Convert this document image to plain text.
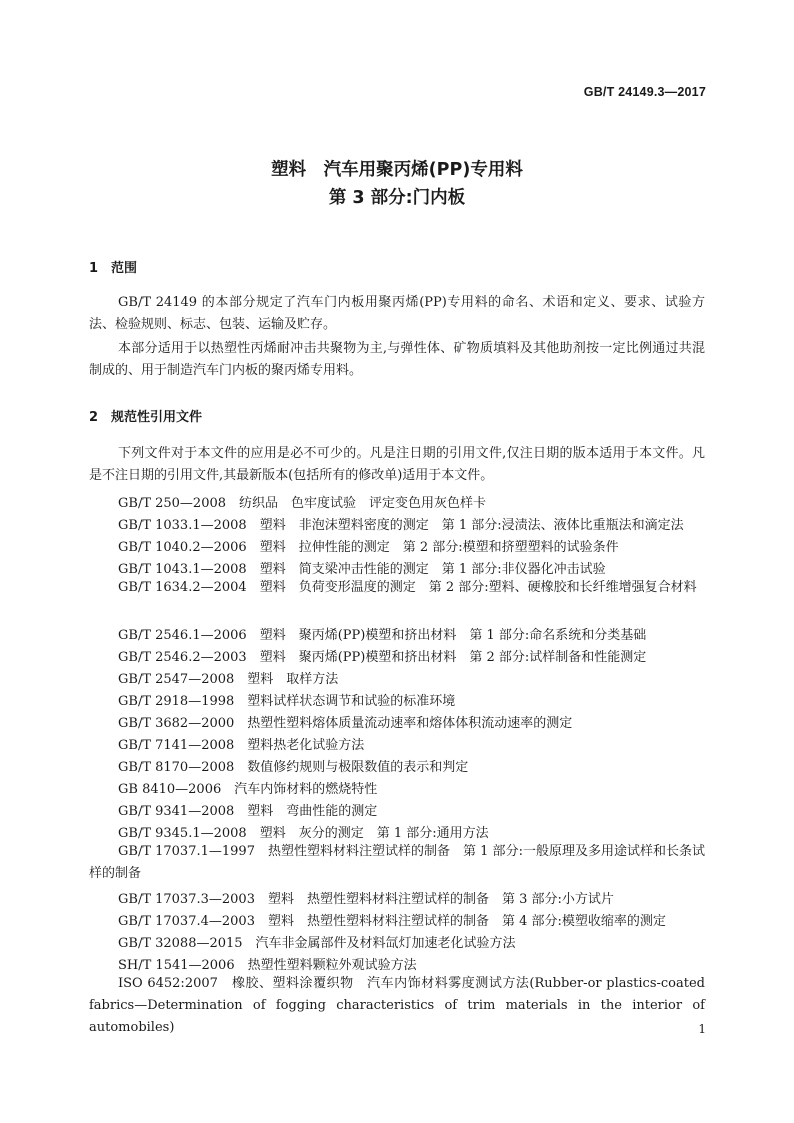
GB/T 24149.3—2017
塑料　汽车用聚丙烯(PP)专用料
第 3 部分:门内板
1 范围

GB/T 24149 的本部分规定了汽车门内板用聚丙烯(PP)专用料的命名、术语和定义、要求、试验方法、检验规则、标志、包装、运输及贮存。

本部分适用于以热塑性丙烯耐冲击共聚物为主,与弹性体、矿物质填料及其他助剂按一定比例通过共混制成的、用于制造汽车门内板的聚丙烯专用料。

2 规范性引用文件

下列文件对于本文件的应用是必不可少的。凡是注日期的引用文件,仅注日期的版本适用于本文件。凡是不注日期的引用文件,其最新版本(包括所有的修改单)适用于本文件。

GB/T 250—2008　纺织品　色牢度试验　评定变色用灰色样卡

GB/T 1033.1—2008　塑料　非泡沫塑料密度的测定　第 1 部分:浸渍法、液体比重瓶法和滴定法

GB/T 1040.2—2006　塑料　拉伸性能的测定　第 2 部分:模塑和挤塑塑料的试验条件

GB/T 1043.1—2008　塑料　简支梁冲击性能的测定　第 1 部分:非仪器化冲击试验

GB/T 1634.2—2004　塑料　负荷变形温度的测定　第 2 部分:塑料、硬橡胶和长纤维增强复合材料

GB/T 2546.1—2006　塑料　聚丙烯(PP)模塑和挤出材料　第 1 部分:命名系统和分类基础

GB/T 2546.2—2003　塑料　聚丙烯(PP)模塑和挤出材料　第 2 部分:试样制备和性能测定

GB/T 2547—2008　塑料　取样方法

GB/T 2918—1998　塑料试样状态调节和试验的标准环境

GB/T 3682—2000　热塑性塑料熔体质量流动速率和熔体体积流动速率的测定

GB/T 7141—2008　塑料热老化试验方法

GB/T 8170—2008　数值修约规则与极限数值的表示和判定

GB 8410—2006　汽车内饰材料的燃烧特性

GB/T 9341—2008　塑料　弯曲性能的测定

GB/T 9345.1—2008　塑料　灰分的测定　第 1 部分:通用方法

GB/T 17037.1—1997　热塑性塑料材料注塑试样的制备　第 1 部分:一般原理及多用途试样和长条试样的制备

GB/T 17037.3—2003　塑料　热塑性塑料材料注塑试样的制备　第 3 部分:小方试片

GB/T 17037.4—2003　塑料　热塑性塑料材料注塑试样的制备　第 4 部分:模塑收缩率的测定

GB/T 32088—2015　汽车非金属部件及材料氙灯加速老化试验方法

SH/T 1541—2006　热塑性塑料颗粒外观试验方法

ISO 6452:2007　橡胶、塑料涂覆织物　汽车内饰材料雾度测试方法(Rubber-or plastics-coated fabrics—Determination of fogging characteristics of trim materials in the interior of automobiles)	1
